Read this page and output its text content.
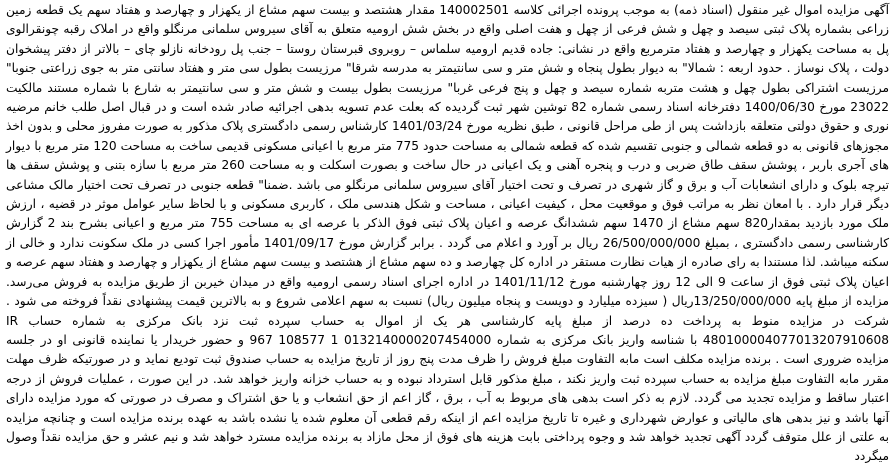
آگهی مزایده اموال غیر منقول (اسناد ذمه) به موجب پرونده اجرائی کلاسه 140002501 مقدار هشتصد و بیست سهم مشاع از یکهزار و چهارصد و هفتاد سهم یک قطعه زمین زراعی بشماره پلاک ثبتی سیصد و چهل و شش فرعی از چهل و هفت اصلی واقع در بخش شش ارومیه متعلق به آقای سیروس سلمانی مرنگلو واقع در املاک رقبه چونقرالوی پل به مساحت یکهزار و چهارصد و هفتاد مترمربع واقع در نشانی: جاده قدیم ارومیه سلماس – روبروی قبرستان روستا – جنب پل رودخانه نازلو چای – بالاتر از دفتر پیشخوان دولت ، پلاک نوساز . حدود اربعه : شمالا" به دیوار بطول پنجاه و شش متر و سی سانتیمتر به مدرسه شرقا" مرزیست بطول سی متر و هفتاد سانتی متر به جوی زراعتی جنوبا" مرزیست اشتراکی بطول چهل و هشت متربه شماره سیصد و چهل و پنج فرعی غربا" مرزیست بطول بیست و شش متر و سی سانتیمتر به شارع با شماره مستند مالکیت 23022 مورخ 1400/06/30 دفترخانه اسناد رسمی شماره 82 توشین شهر ثبت گردیده که بعلت عدم تسویه بدهی اجرائیه صادر شده است و در قبال اصل طلب خانم مرضیه نوری و حقوق دولتی متعلقه بازداشت پس از طی مراحل قانونی ، طبق نظریه مورخ 1401/03/24 کارشناس رسمی دادگستری پلاک مذکور به صورت مفروز محلی و بدون اخذ مجوزهای قانونی به دو قطعه شمالی و جنوبی تقسیم شده که قطعه شمالی به مساحت حدود 775 متر مربع با اعیانی مسکونی قدیمی ساخت به مساحت 120 متر مربع با دیوار های آجری باربر ، پوشش سقف طاق ضربی و درب و پنجره آهنی و یک اعیانی در حال ساخت و بصورت اسکلت و به مساحت 260 متر مربع با سازه بتنی و پوشش سقف ها تیرچه بلوک و دارای انشعابات آب و برق و گاز شهری در تصرف و تحت اختیار آقای سیروس سلمانی مرنگلو می باشد .ضمنا" قطعه جنوبی در تصرف تحت اختیار مالک مشاعی دیگر قرار دارد . با امعان نظر به مراتب فوق و موقعیت محل ، کیفیت اعیانی ، مساحت و شکل هندسی ملک ، کاربری مسکونی و با لحاظ سایر عوامل موثر در قضیه ، ارزش ملک مورد بازدید بمقدار820 سهم مشاع از 1470 سهم ششدانگ عرصه و اعیان پلاک ثبتی فوق الذکر با عرصه ای به مساحت 755 متر مربع و اعیانی بشرح بند 2 گزارش کارشناسی رسمی دادگستری ، بمبلغ 26/500/000/000 ریال بر آورد و اعلام می گردد . برابر گزارش مورخ 1401/09/17 مأمور اجرا کسی در ملک سکونت ندارد و خالی از سکنه میباشد. لذا مستندا به رای صادره از هیات نظارت مستقر در اداره کل چهارصد و ده سهم مشاع از هشتصد و بیست سهم مشاع از یکهزار و چهارصد و هفتاد سهم عرصه و اعیان پلاک ثبتی فوق از ساعت 9 الی 12 روز چهارشنبه مورخ 1401/11/12 در اداره اجرای اسناد رسمی ارومیه واقع در میدان خیربن از طریق مزایده به فروش می‌رسد. مزایده از مبلغ پایه 13/250/000/000ریال ( سیزده میلیارد و دویست و پنجاه میلیون ریال) نسبت به سهم اعلامی شروع و به بالاترین قیمت پیشنهادی نقداً فروخته می شود . شرکت در مزایده منوط به پرداخت ده درصد از مبلغ پایه کارشناسی هر یک از اموال به حساب سپرده ثبت نزد بانک مرکزی به شماره حساب IR 480100004077013207910608 با شناسه واریز بانک مرکزی به شماره 0132140000207454000 1 108577 967 و حضور خریدار یا نماینده قانونی او در جلسه مزایده ضروری است . برنده مزایده مکلف است مابه التفاوت مبلغ فروش را ظرف مدت پنج روز از تاریخ مزایده به حساب صندوق ثبت تودیع نماید و در صورتیکه ظرف مهلت مقرر مابه التفاوت مبلغ مزایده به حساب سپرده ثبت واریز نکند ، مبلغ مذکور قابل استرداد نبوده و به حساب خزانه واریز خواهد شد. در این صورت ، عملیات فروش از درجه اعتبار ساقط و مزایده تجدید می گردد. لازم به ذکر است بدهی های مربوط به آب ، برق ، گاز اعم از حق انشعاب و یا حق اشتراک و مصرف در صورتی که مورد مزایده دارای آنها باشد و نیز بدهی های مالیاتی و عوارض شهرداری و غیره تا تاریخ مزایده اعم از اینکه رقم قطعی آن معلوم شده یا نشده باشد به عهده برنده مزایده است و چنانچه مزایده به علتی از علل متوقف گردد آگهی تجدید خواهد شد و وجوه پرداختی بابت هزینه های فوق از محل مازاد به برنده مزایده مسترد خواهد شد و نیم عشر و حق مزایده نقداً وصول میگردد
